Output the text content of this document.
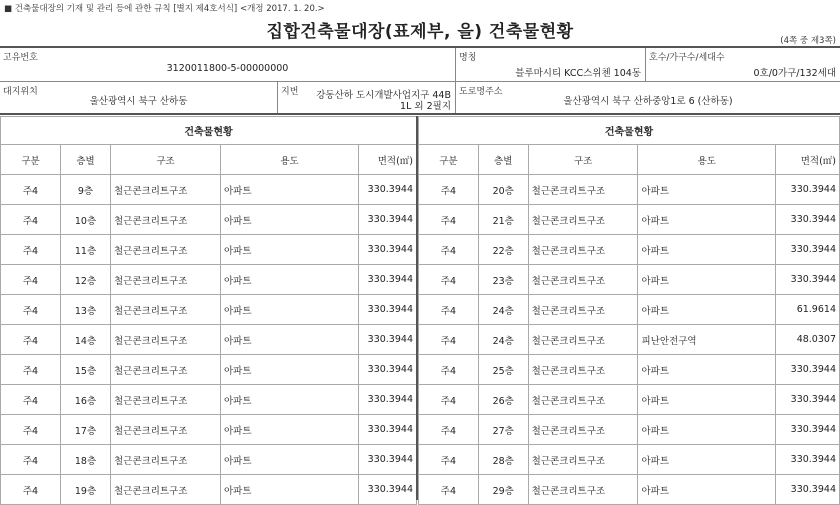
■ 건축물대장의 기재 및 관리 등에 관한 규칙 [별지 제4호서식] <개정 2017. 1. 20.>
집합건축물대장(표제부, 을) 건축물현황	(4쪽 중 제3쪽)
고유번호
3120011800-5-00000000
명칭
블루마시티 KCC스위첸 104동
호수/가구수/세대수
0호/0가구/132세대
대지위치
울산광역시 북구 산하동
지번 강동산하 도시개발사업지구 44B
1L 외 2필지
도로명주소
울산광역시 북구 산하중앙1로 6 (산하동)
건축물현황				
구분	층별	구조	용도	면적(㎡)
주4	9층	철근콘크리트구조	아파트	330.3944
주4	10층	철근콘크리트구조	아파트	330.3944
주4	11층	철근콘크리트구조	아파트	330.3944
주4	12층	철근콘크리트구조	아파트	330.3944
주4	13층	철근콘크리트구조	아파트	330.3944
주4	14층	철근콘크리트구조	아파트	330.3944
주4	15층	철근콘크리트구조	아파트	330.3944
주4	16층	철근콘크리트구조	아파트	330.3944
주4	17층	철근콘크리트구조	아파트	330.3944
주4	18층	철근콘크리트구조	아파트	330.3944
주4	19층	철근콘크리트구조	아파트	330.3944
건축물현황				
구분	층별	구조	용도	면적(㎡)
주4	20층	철근콘크리트구조	아파트	330.3944
주4	21층	철근콘크리트구조	아파트	330.3944
주4	22층	철근콘크리트구조	아파트	330.3944
주4	23층	철근콘크리트구조	아파트	330.3944
주4	24층	철근콘크리트구조	아파트	61.9614
주4	24층	철근콘크리트구조	피난안전구역	48.0307
주4	25층	철근콘크리트구조	아파트	330.3944
주4	26층	철근콘크리트구조	아파트	330.3944
주4	27층	철근콘크리트구조	아파트	330.3944
주4	28층	철근콘크리트구조	아파트	330.3944
주4	29층	철근콘크리트구조	아파트	330.3944
